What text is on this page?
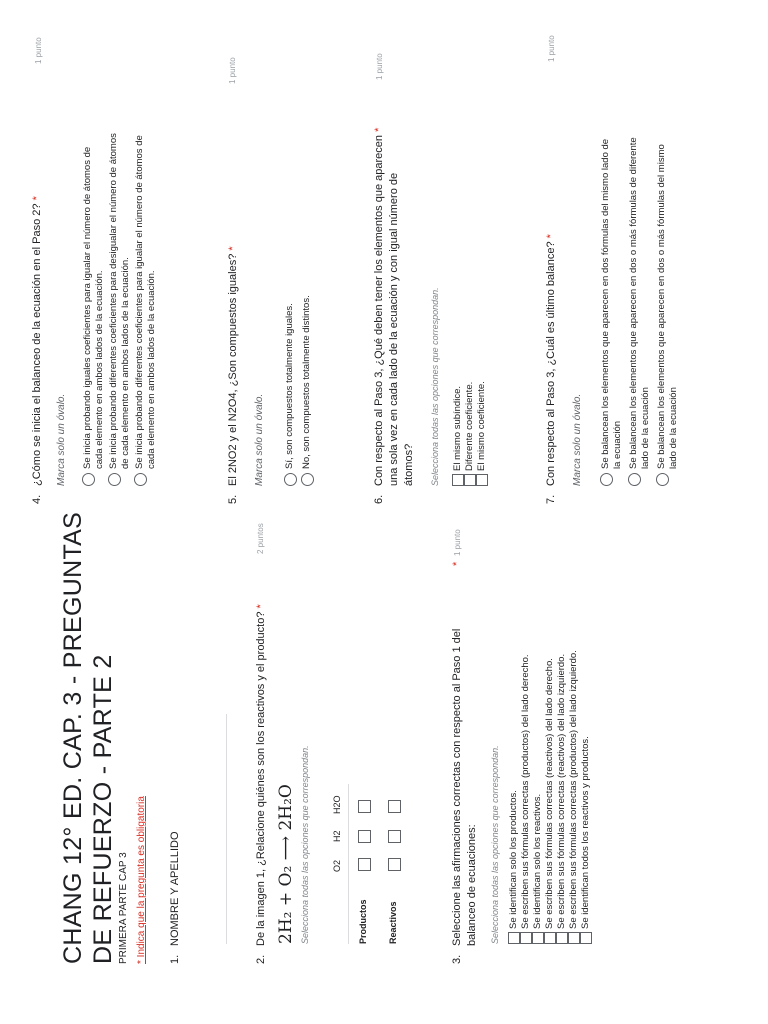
CHANG 12° ED. CAP. 3 - PREGUNTAS DE REFUERZO - PARTE 2 PRIMERA PARTE CAP 3 * Indica que la pregunta es obligatoria 1.
NOMBRE Y APELLIDO
2.
De la imagen 1, ¿Relacione quiénes son los reactivos y el producto? *
2 puntos
2H₂ + O₂ ⟶ 2H₂O Selecciona todas las opciones que correspondan. O2
H2
H2O
Productos Reactivos
3.
Seleccione las afirmaciones correctas con respecto al Paso 1 del balanceo de ecuaciones:
*
1 punto
Selecciona todas las opciones que correspondan. Se identifican solo los productos. Se escriben sus fórmulas correctas (productos) del lado derecho. Se identifican solo los reactivos. Se escriben sus fórmulas correctas (reactivos) del lado derecho. Se escriben sus fórmulas correctas (reactivos) del lado izquierdo. Se escriben sus fórmulas correctas (productos) del lado izquierdo. Se identifican todos los reactivos y productos.
4.
¿Cómo se inicia el balanceo de la ecuación en el Paso 2? *
1 punto
Marca solo un óvalo. Se inicia probando iguales coeficientes para igualar el número de átomos de
cada elemento en ambos lados de la ecuación. Se inicia probando diferentes coeficientes para desigualar el número de átomos
de cada elemento en ambos lados de la ecuación. Se inicia probando diferentes coeficientes para igualar el número de átomos de
cada elemento en ambos lados de la ecuación.
5.
El 2NO2 y el N2O4, ¿Son compuestos iguales? *
1 punto
Marca solo un óvalo. Sí, son compuestos totalmente iguales. No, son compuestos totalmente distintos.
6.
Con respecto al Paso 3, ¿Qué deben tener los elementos que aparecen *
una sola vez en cada lado de la ecuación y con igual número de átomos?
1 punto
Selecciona todas las opciones que correspondan. El mismo subíndice. Diferente coeficiente. El mismo coeficiente.
7.
Con respecto al Paso 3, ¿Cuál es último balance? *
1 punto
Marca solo un óvalo. Se balancean los elementos que aparecen en dos fórmulas del mismo lado de
la ecuación Se balancean los elementos que aparecen en dos o más fórmulas de diferente
lado de la ecuación Se balancean los elementos que aparecen en dos o más fórmulas del mismo
lado de la ecuación
